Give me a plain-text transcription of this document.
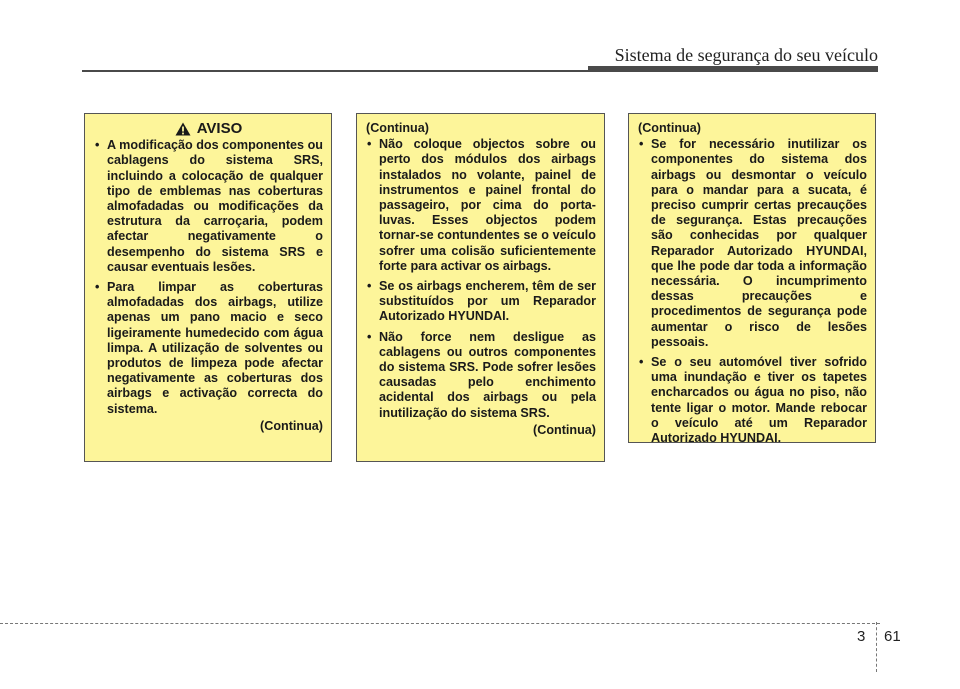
Sistema de segurança do seu veículo
AVISO
• A modificação dos componentes ou cablagens do sistema SRS, incluindo a colocação de qualquer tipo de emblemas nas coberturas almofadadas ou modificações da estrutura da carroçaria, podem afectar negativamente o desempenho do sistema SRS e causar eventuais lesões.
• Para limpar as coberturas almofadadas dos airbags, utilize apenas um pano macio e seco ligeiramente humedecido com água limpa. A utilização de solventes ou produtos de limpeza pode afectar negativamente as coberturas dos airbags e activação correcta do sistema.
(Continua)
(Continua)
• Não coloque objectos sobre ou perto dos módulos dos airbags instalados no volante, painel de instrumentos e painel frontal do passageiro, por cima do porta-luvas. Esses objectos podem tornar-se contundentes se o veículo sofrer uma colisão suficientemente forte para activar os airbags.
• Se os airbags encherem, têm de ser substituídos por um Reparador Autorizado HYUNDAI.
• Não force nem desligue as cablagens ou outros componentes do sistema SRS. Pode sofrer lesões causadas pelo enchimento acidental dos airbags ou pela inutilização do sistema SRS.
(Continua)
(Continua)
• Se for necessário inutilizar os componentes do sistema dos airbags ou desmontar o veículo para o mandar para a sucata, é preciso cumprir certas precauções de segurança. Estas precauções são conhecidas por qualquer Reparador Autorizado HYUNDAI, que lhe pode dar toda a informação necessária. O incumprimento dessas precauções e procedimentos de segurança pode aumentar o risco de lesões pessoais.
• Se o seu automóvel tiver sofrido uma inundação e tiver os tapetes encharcados ou água no piso, não tente ligar o motor. Mande rebocar o veículo até um Reparador Autorizado HYUNDAI.
3 61
